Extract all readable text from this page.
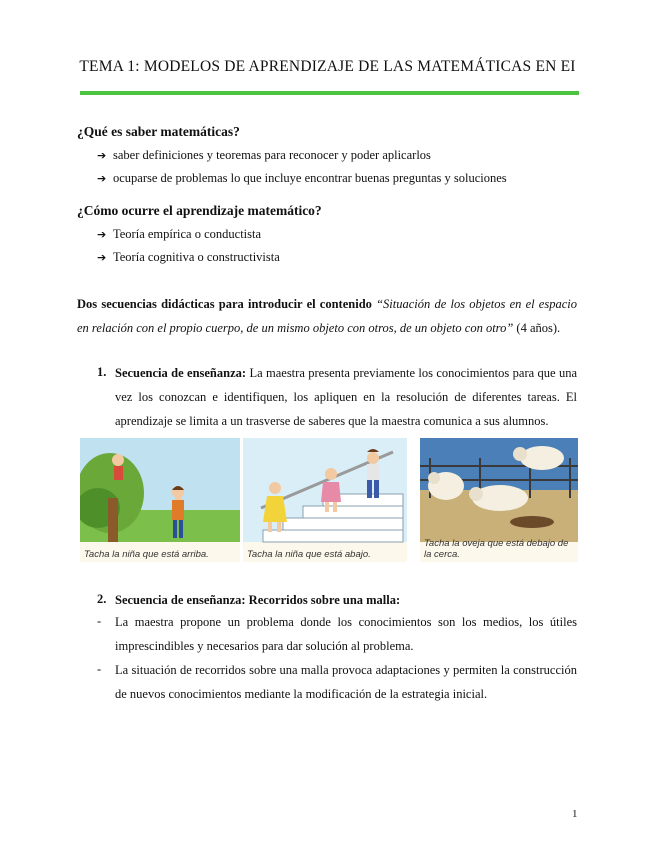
TEMA 1: MODELOS DE APRENDIZAJE DE LAS MATEMÁTICAS EN EI
¿Qué es saber matemáticas?
➔ saber definiciones y teoremas para reconocer y poder aplicarlos
➔ ocuparse de problemas lo que incluye encontrar buenas preguntas y soluciones
¿Cómo ocurre el aprendizaje matemático?
➔ Teoría empírica o conductista
➔ Teoría cognitiva o constructivista
Dos secuencias didácticas para introducir el contenido “Situación de los objetos en el espacio en relación con el propio cuerpo, de un mismo objeto con otros, de un objeto con otro” (4 años).
1. Secuencia de enseñanza: La maestra presenta previamente los conocimientos para que una vez los conozcan e identifiquen, los apliquen en la resolución de diferentes tareas. El aprendizaje se limita a un trasverse de saberes que la maestra comunica a sus alumnos.
Tacha la niña que está arriba.	Tacha la niña que está abajo.
Tacha la oveja que está debajo de la cerca.
2. Secuencia de enseñanza: Recorridos sobre una malla:
- La maestra propone un problema donde los conocimientos son los medios, los útiles imprescindibles y necesarios para dar solución al problema.
- La situación de recorridos sobre una malla provoca adaptaciones y permiten la construcción de nuevos conocimientos mediante la modificación de la estrategia inicial.
1
